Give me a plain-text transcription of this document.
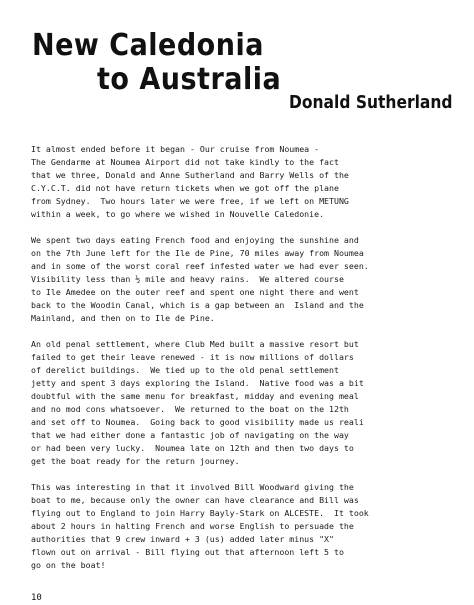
New Caledonia
to Australia
Donald Sutherland
It almost ended before it began - Our cruise from Noumea -
The Gendarme at Noumea Airport did not take kindly to the fact
that we three, Donald and Anne Sutherland and Barry Wells of the
C.Y.C.T. did not have return tickets when we got off the plane
from Sydney.  Two hours later we were free, if we left on METUNG
within a week, to go where we wished in Nouvelle Caledonie.
We spent two days eating French food and enjoying the sunshine and
on the 7th June left for the Ile de Pine, 70 miles away from Noumea
and in some of the worst coral reef infested water we had ever seen.
Visibility less than ½ mile and heavy rains.  We altered course
to Ile Amedee on the outer reef and spent one night there and went
back to the Woodin Canal, which is a gap between an  Island and the
Mainland, and then on to Ile de Pine.
An old penal settlement, where Club Med built a massive resort but
failed to get their leave renewed - it is now millions of dollars
of derelict buildings.  We tied up to the old penal settlement
jetty and spent 3 days exploring the Island.  Native food was a bit
doubtful with the same menu for breakfast, midday and evening meal
and no mod cons whatsoever.  We returned to the boat on the 12th
and set off to Noumea.  Going back to good visibility made us reali
that we had either done a fantastic job of navigating on the way
or had been very lucky.  Noumea late on 12th and then two days to
get the boat ready for the return journey.
This was interesting in that it involved Bill Woodward giving the
boat to me, because only the owner can have clearance and Bill was
flying out to England to join Harry Bayly-Stark on ALCESTE.  It took
about 2 hours in halting French and worse English to persuade the
authorities that 9 crew inward + 3 (us) added later minus "X"
flown out on arrival - Bill flying out that afternoon left 5 to
go on the boat!
10
